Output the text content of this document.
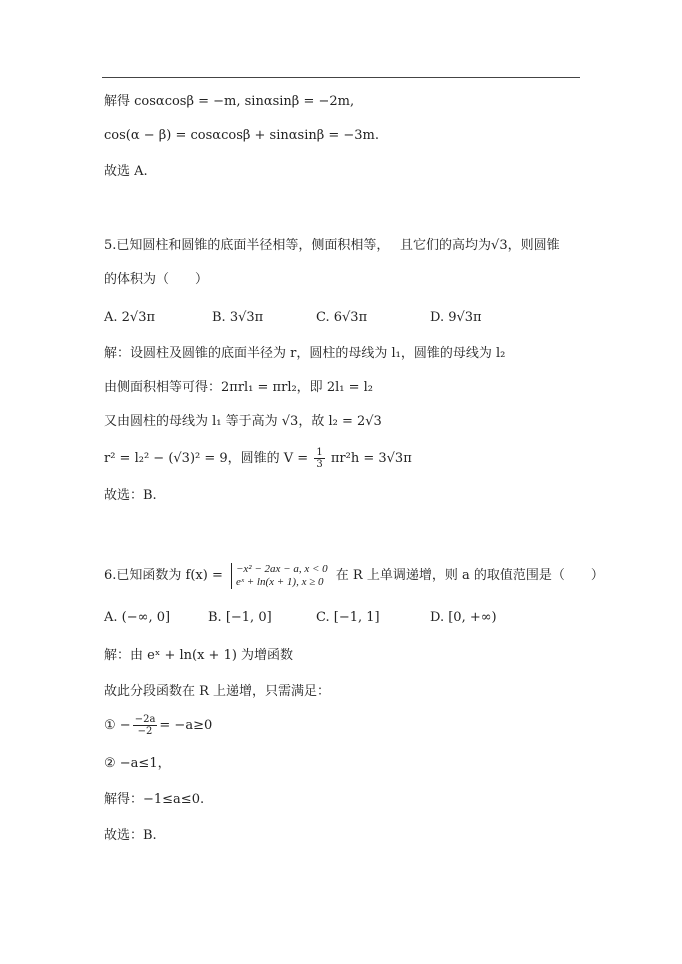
解得 cosαcosβ = −m, sinαsinβ = −2m,
cos(α − β) = cosαcosβ + sinαsinβ = −3m.
故选 A.
5.已知圆柱和圆锥的底面半径相等，侧面积相等，　 且它们的高均为√3，则圆锥
的体积为（　　）
A. 2√3π	B. 3√3π	C. 6√3π	D. 9√3π
解：设圆柱及圆锥的底面半径为 r，圆柱的母线为 l₁，圆锥的母线为 l₂
由侧面积相等可得：2πrl₁ = πrl₂，即 2l₁ = l₂
又由圆柱的母线为 l₁ 等于高为 √3，故 l₂ = 2√3
r² = l₂² − (√3)² = 9，圆锥的 $V = \frac{1}{3} \pi r^2h = 3√3\pi$
故选：B.
6.已知函数为 f(x) = −x² − 2ax − a, x < 0
eˣ + ln(x + 1), x ≥ 0 在 R 上单调递增，则 a 的取值范围是（　　）
A. (−∞, 0]	B. [−1, 0]	C. [−1, 1]	D. [0, +∞)
解：由 eˣ + ln(x + 1) 为增函数
故此分段函数在 R 上递增，只需满足：
① − $\frac{-2a}{-2} = -a\ge 0$
② −a≤1，
解得：−1≤a≤0.
故选：B.
